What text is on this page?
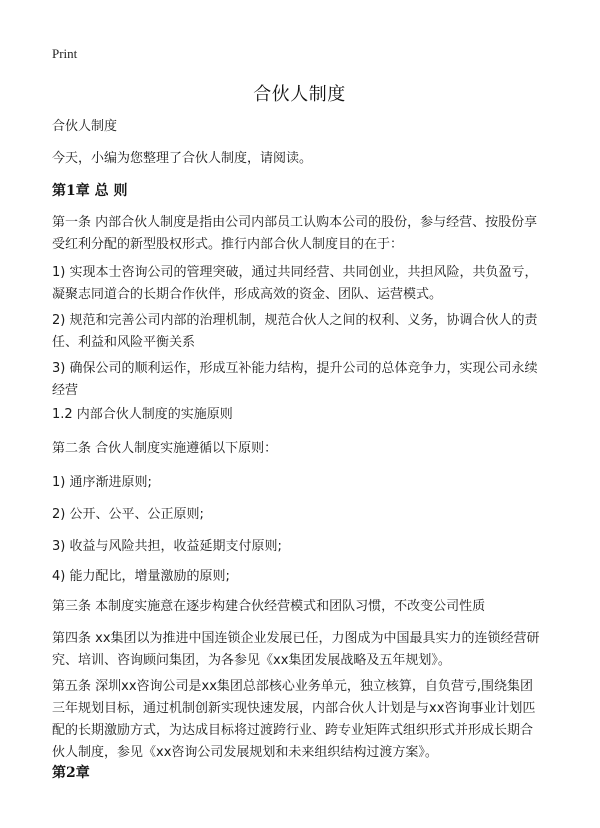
Print
合伙人制度

合伙人制度

今天，小编为您整理了合伙人制度，请阅读。

第1章 总 则

第一条 内部合伙人制度是指由公司内部员工认购本公司的股份，参与经营、按股份享受红利分配的新型股权形式。推行内部合伙人制度目的在于：

1) 实现本士咨询公司的管理突破，通过共同经营、共同创业，共担风险，共负盈亏，凝聚志同道合的长期合作伙伴，形成高效的资金、团队、运营模式。

2) 规范和完善公司内部的治理机制，规范合伙人之间的权利、义务，协调合伙人的责任、利益和风险平衡关系

3) 确保公司的顺利运作，形成互补能力结构，提升公司的总体竞争力，实现公司永续经营

1.2 内部合伙人制度的实施原则

第二条 合伙人制度实施遵循以下原则：

1) 通序渐进原则;

2) 公开、公平、公正原则;

3) 收益与风险共担，收益延期支付原则;

4) 能力配比，增量激励的原则;

第三条 本制度实施意在逐步构建合伙经营模式和团队习惯，不改变公司性质

第四条 xx集团以为推进中国连锁企业发展已任，力图成为中国最具实力的连锁经营研究、培训、咨询顾问集团，为各参见《xx集团发展战略及五年规划》。

第五条 深圳xx咨询公司是xx集团总部核心业务单元，独立核算，自负营亏,围绕集团三年规划目标，通过机制创新实现快速发展，内部合伙人计划是与xx咨询事业计划匹配的长期激励方式，为达成目标将过渡跨行业、跨专业矩阵式组织形式并形成长期合伙人制度，参见《xx咨询公司发展规划和未来组织结构过渡方案》。

第2章
